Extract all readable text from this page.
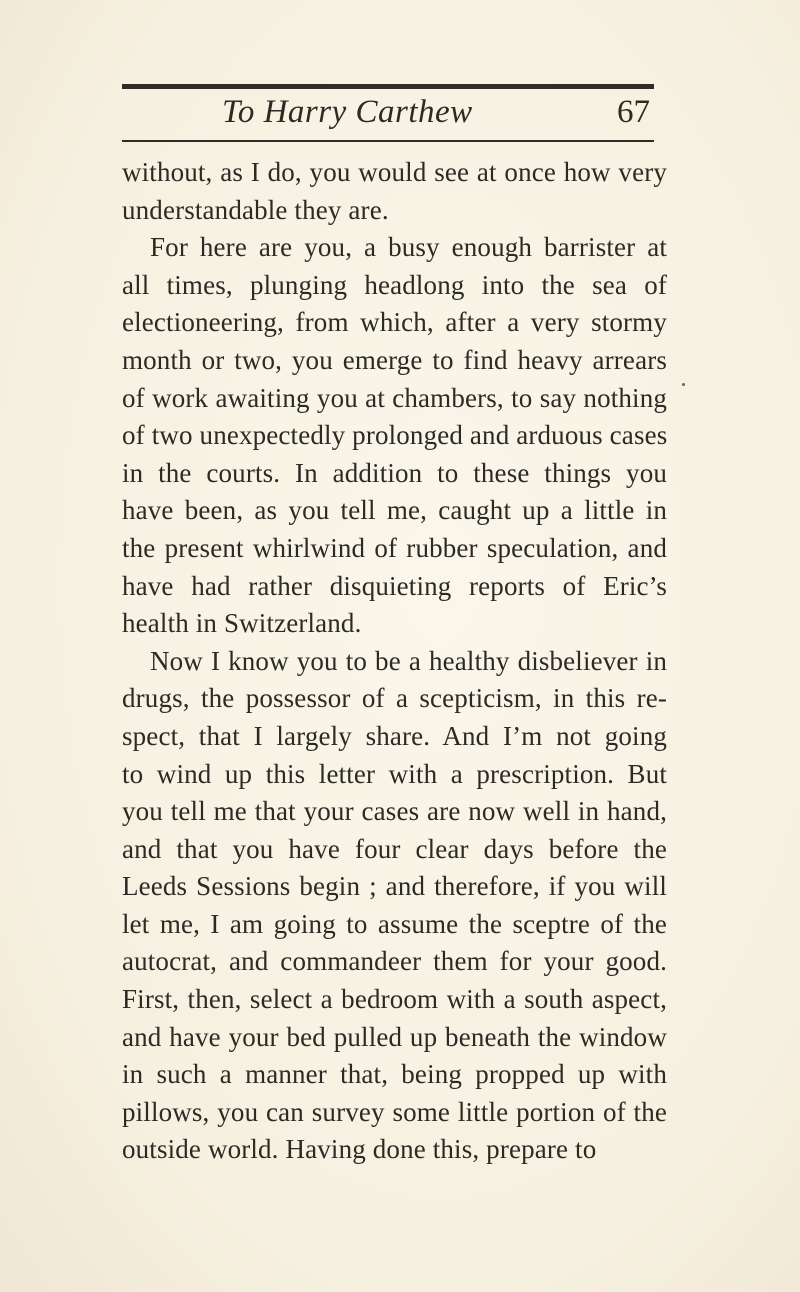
To Harry Carthew	67
without, as I do, you would see at once how very
understandable they are.
For here are you, a busy enough barrister at
all times, plunging headlong into the sea of
electioneering, from which, after a very stormy
month or two, you emerge to find heavy arrears
of work awaiting you at chambers, to say nothing
of two unexpectedly prolonged and arduous cases
in the courts. In addition to these things you
have been, as you tell me, caught up a little in
the present whirlwind of rubber speculation, and
have had rather disquieting reports of Eric’s
health in Switzerland.
Now I know you to be a healthy disbeliever in
drugs, the possessor of a scepticism, in this re-
spect, that I largely share. And I’m not going
to wind up this letter with a prescription. But
you tell me that your cases are now well in hand,
and that you have four clear days before the
Leeds Sessions begin ; and therefore, if you will
let me, I am going to assume the sceptre of the
autocrat, and commandeer them for your good.
First, then, select a bedroom with a south aspect,
and have your bed pulled up beneath the window
in such a manner that, being propped up with
pillows, you can survey some little portion of the
outside world. Having done this, prepare to
